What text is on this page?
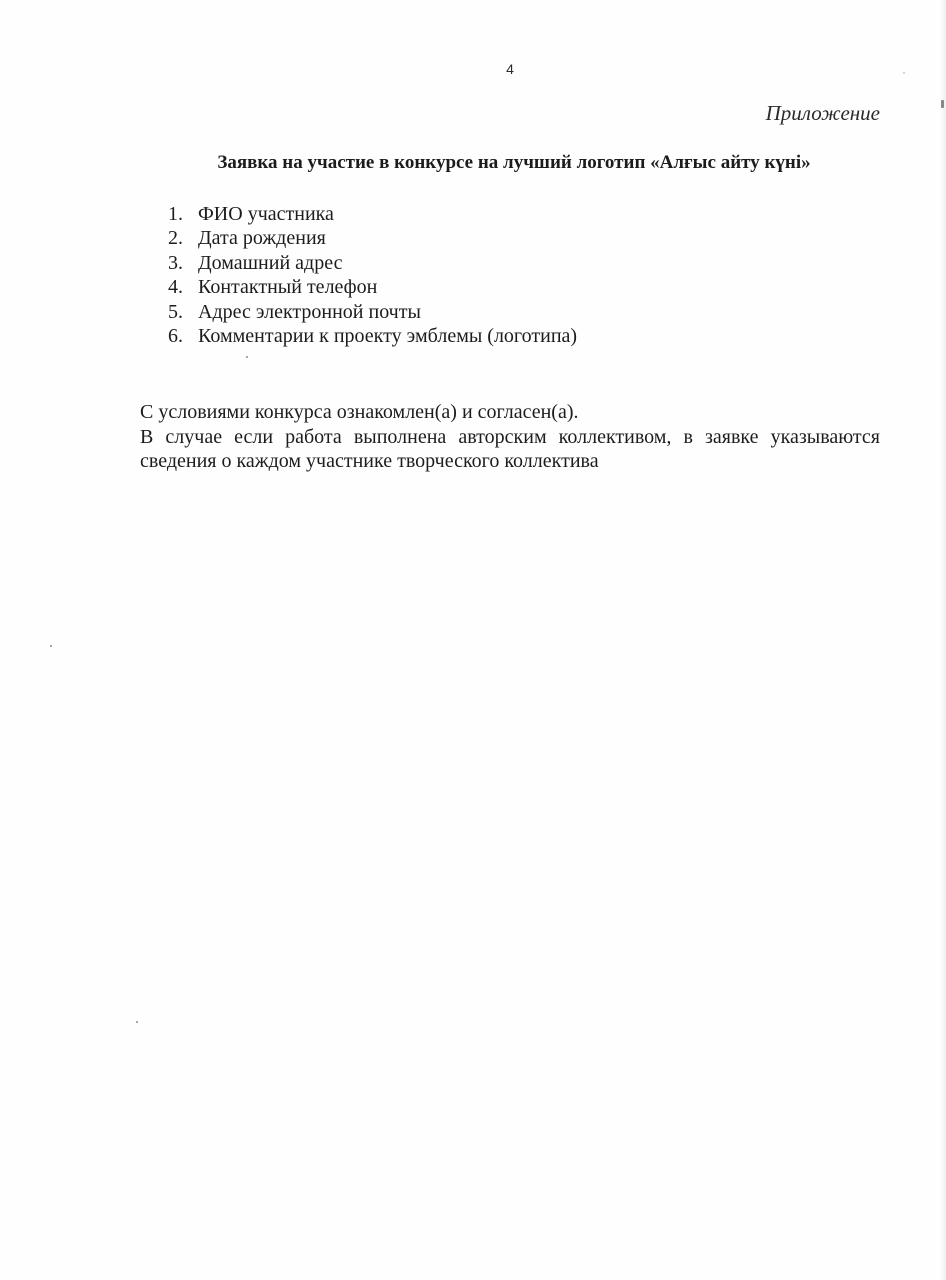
4
Приложение
Заявка на участие в конкурсе на лучший логотип «Алғыс айту күні»
1. ФИО участника
2. Дата рождения
3. Домашний адрес
4. Контактный телефон
5. Адрес электронной почты
6. Комментарии к проекту эмблемы (логотипа)

С условиями конкурса ознакомлен(а) и согласен(а).

В случае если работа выполнена авторским коллективом, в заявке указываются сведения о каждом участнике творческого коллектива
